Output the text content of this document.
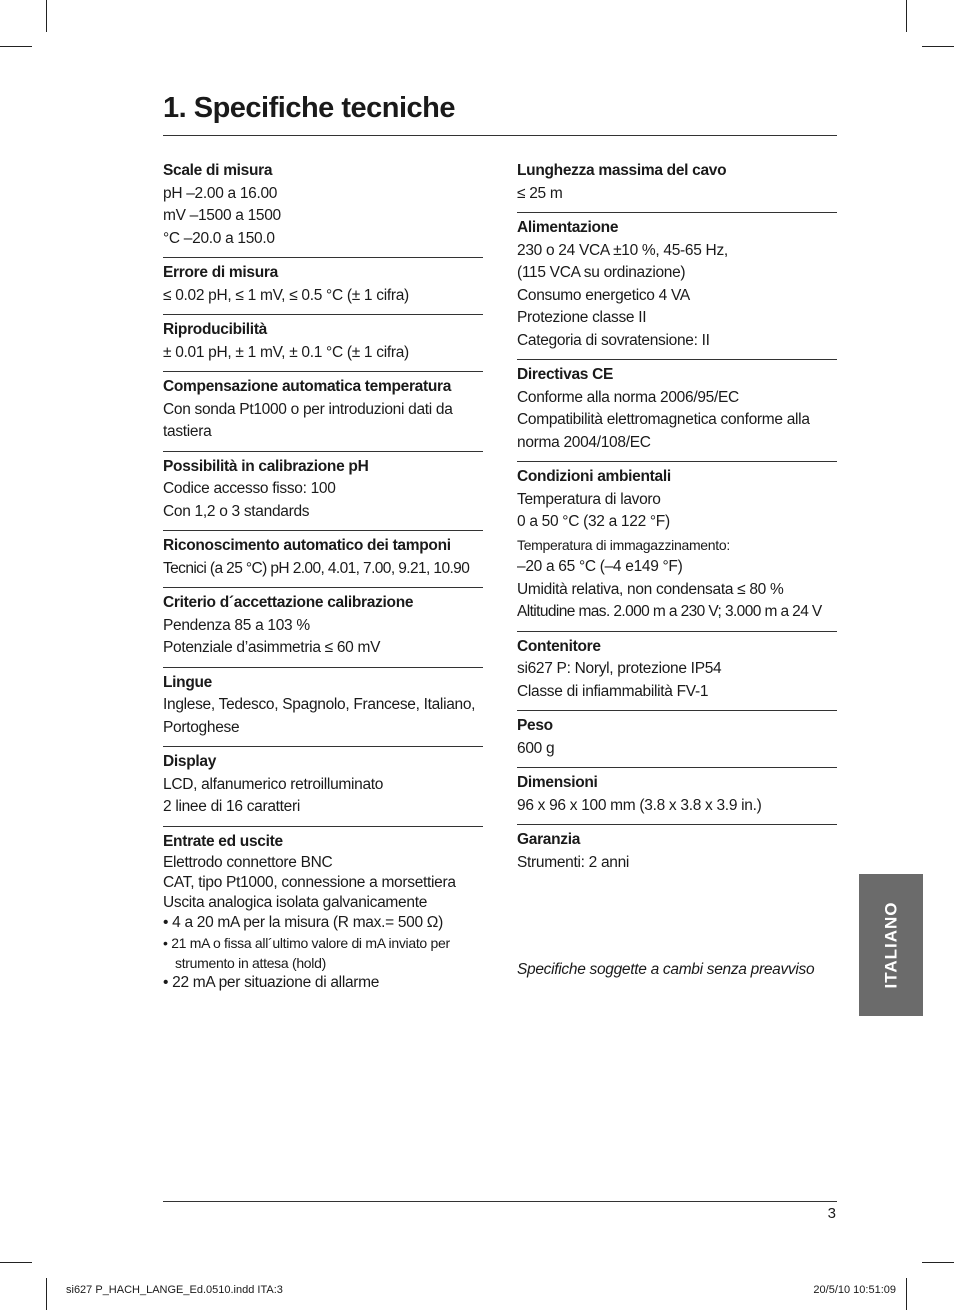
1. Specifiche tecniche
Scale di misura
pH –2.00 a 16.00
mV –1500 a 1500
°C –20.0 a 150.0
Errore di misura
≤ 0.02 pH, ≤ 1 mV, ≤ 0.5 °C (± 1 cifra)
Riproducibilità
± 0.01 pH, ± 1 mV, ± 0.1 °C (± 1 cifra)
Compensazione automatica temperatura
Con sonda Pt1000 o per introduzioni dati da
tastiera
Possibilità in calibrazione pH
Codice accesso fisso: 100
Con 1,2 o 3 standards
Riconoscimento automatico dei tamponi
Tecnici (a 25 °C) pH 2.00, 4.01, 7.00, 9.21, 10.90
Criterio d´accettazione calibrazione
Pendenza 85 a 103 %
Potenziale d’asimmetria ≤ 60 mV
Lingue
Inglese, Tedesco, Spagnolo, Francese, Italiano,
Portoghese
Display
LCD, alfanumerico retroilluminato
2 linee di 16 caratteri
Entrate ed uscite
Elettrodo connettore BNC
CAT, tipo Pt1000, connessione a morsettiera
Uscita analogica isolata galvanicamente
• 4 a 20 mA per la misura (R max.= 500 Ω)
• 21 mA o fissa all´ultimo valore di mA inviato per strumento in attesa (hold)
• 22 mA per situazione di allarme
Lunghezza massima del cavo
≤ 25 m
Alimentazione
230 o 24 VCA ±10 %, 45-65 Hz,
(115 VCA su ordinazione)
Consumo energetico 4 VA
Protezione classe II
Categoria di sovratensione: II
Directivas CE
Conforme alla norma 2006/95/EC
Compatibilità elettromagnetica conforme alla
norma 2004/108/EC
Condizioni ambientali
Temperatura di lavoro
0 a 50 °C (32 a 122 °F)
Temperatura di immagazzinamento:
–20 a 65 °C (–4 e149 °F)
Umidità relativa, non condensata ≤ 80 %
Altitudine mas. 2.000 m a 230 V; 3.000 m a 24 V
Contenitore
si627 P: Noryl, protezione IP54
Classe di infiammabilità FV-1
Peso
600 g
Dimensioni
96 x 96 x 100 mm (3.8 x 3.8 x 3.9 in.)
Garanzia
Strumenti: 2 anni
Specifiche soggette a cambi senza preavviso	ITALIANO
3
si627 P_HACH_LANGE_Ed.0510.indd ITA:3	20/5/10 10:51:09
